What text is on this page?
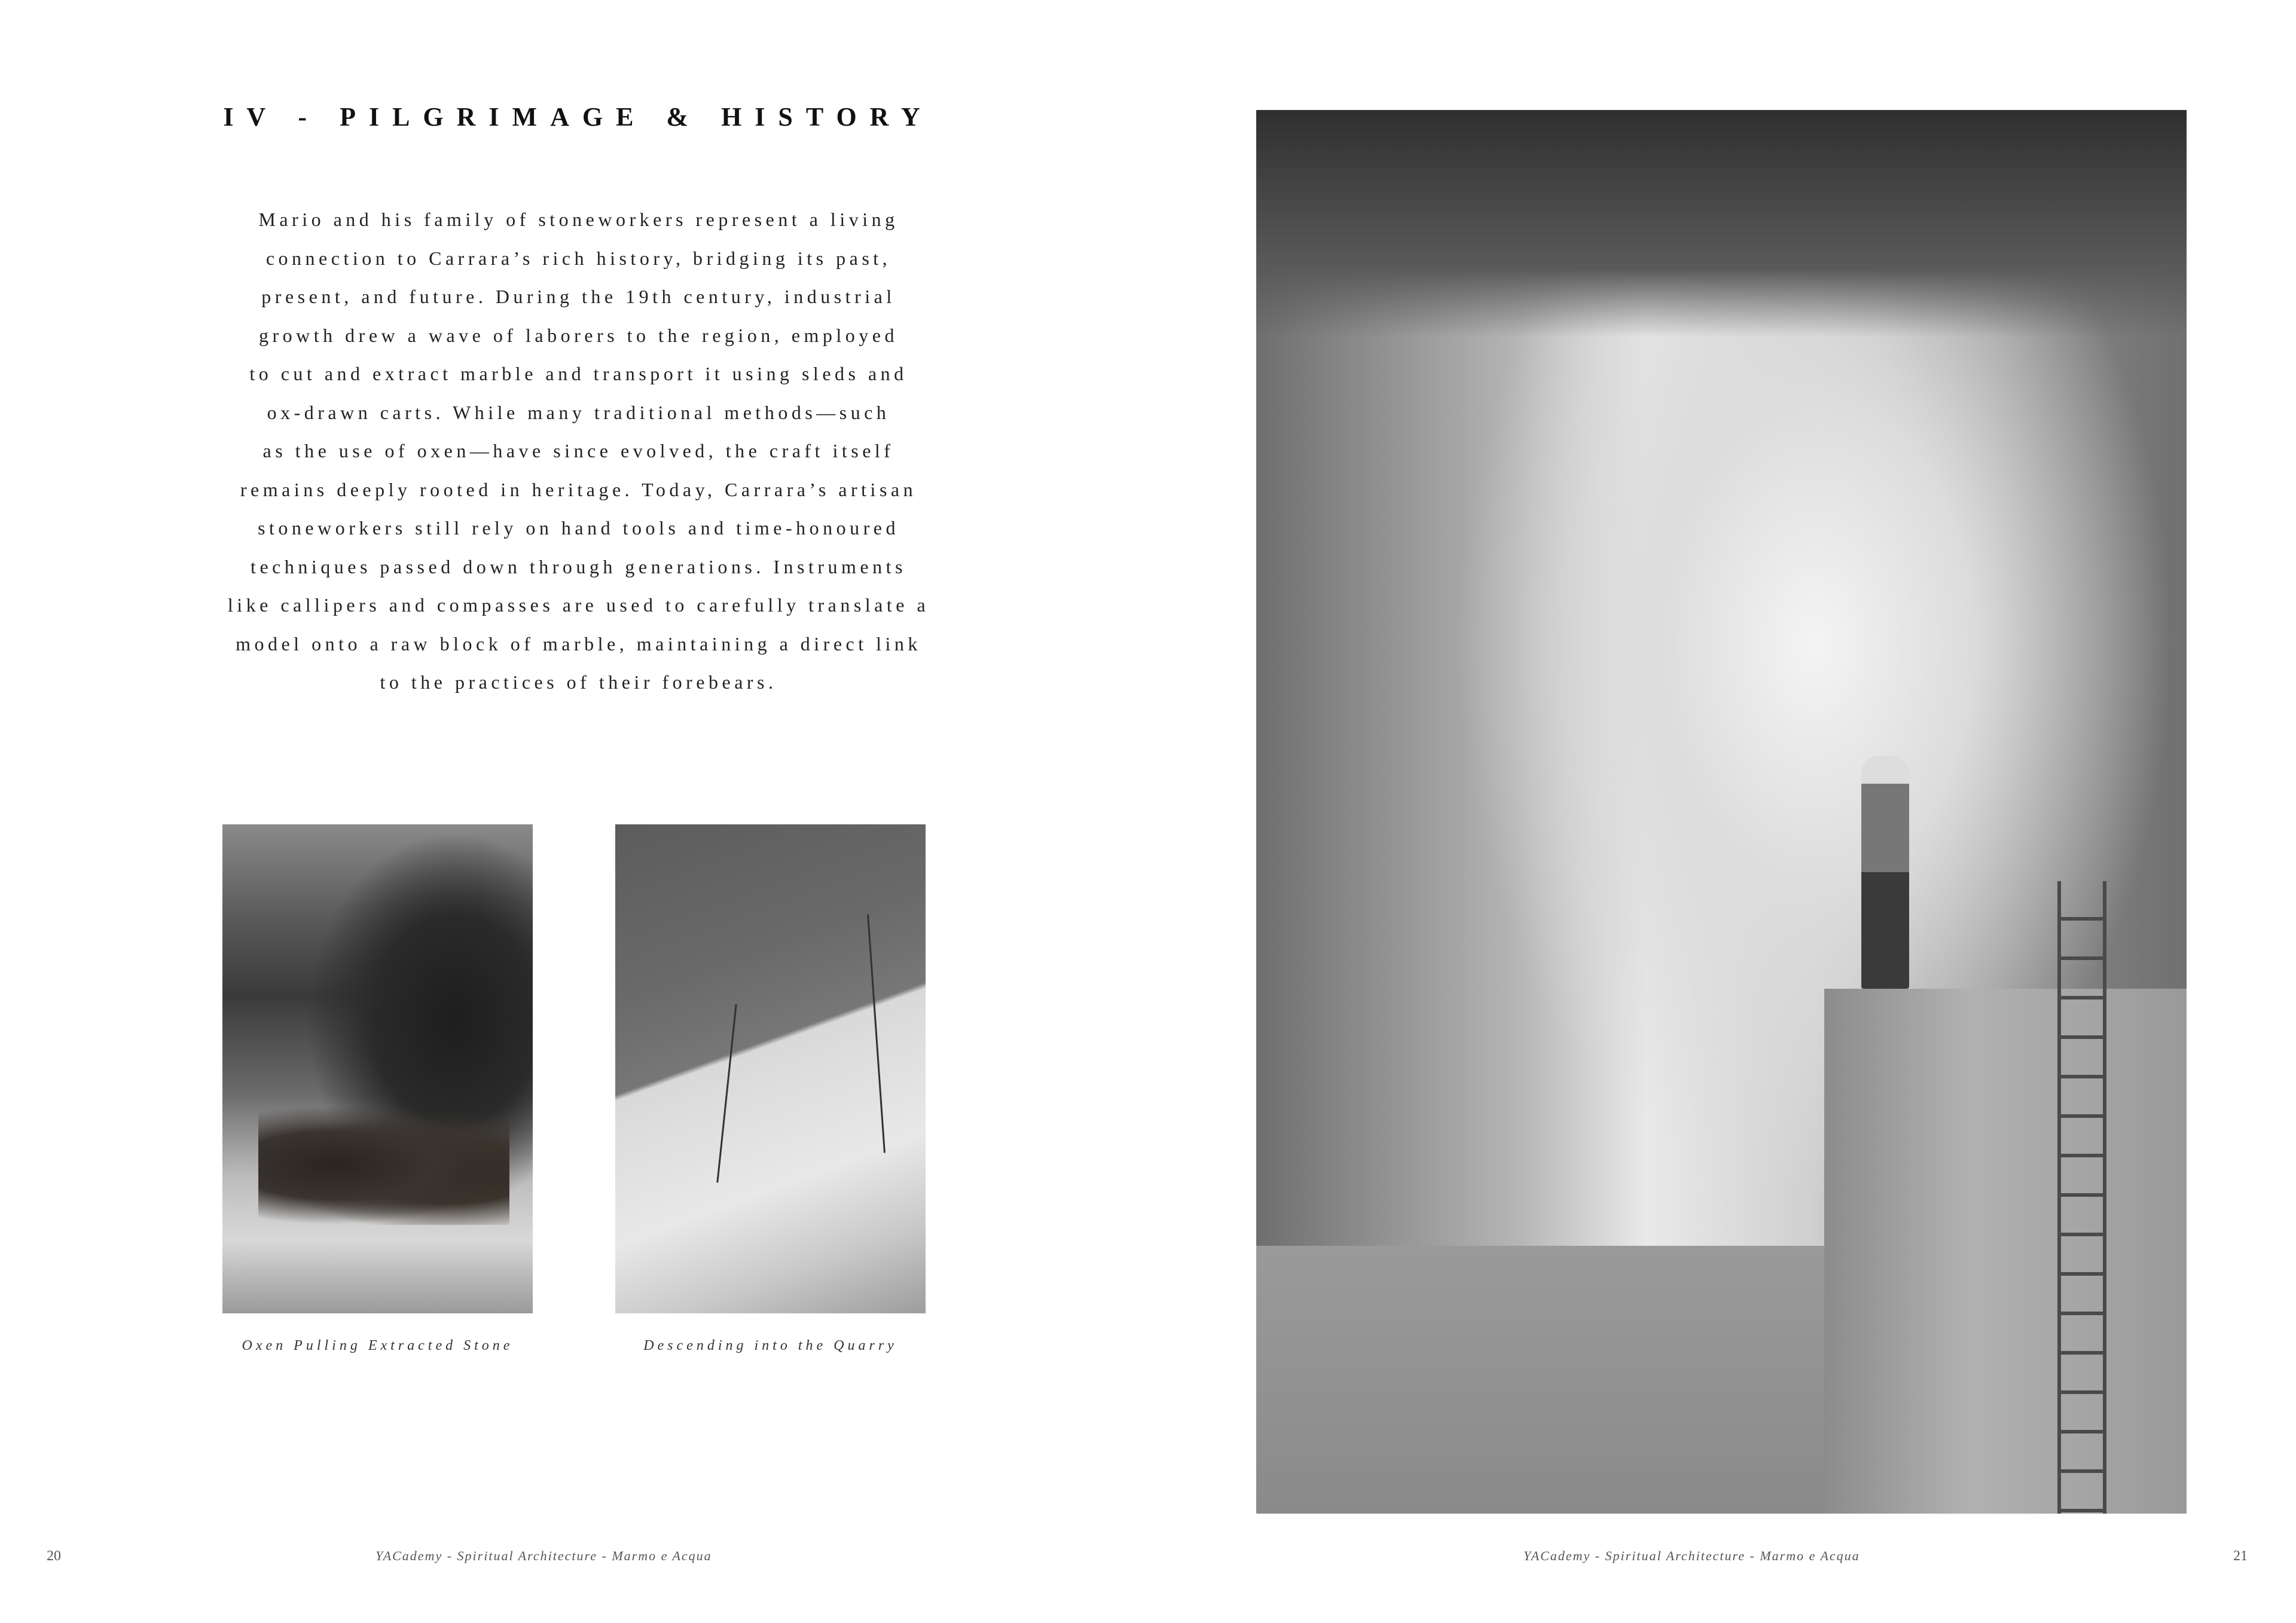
IV - PILGRIMAGE & HISTORY
Mario and his family of stoneworkers represent a living
connection to Carrara’s rich history, bridging its past,
present, and future. During the 19th century, industrial
growth drew a wave of laborers to the region, employed
to cut and extract marble and transport it using sleds and
ox-drawn carts. While many traditional methods—such
as the use of oxen—have since evolved, the craft itself
remains deeply rooted in heritage. Today, Carrara’s artisan
stoneworkers still rely on hand tools and time-honoured
techniques passed down through generations. Instruments
like callipers and compasses are used to carefully translate a
model onto a raw block of marble, maintaining a direct link
to the practices of their forebears.
Oxen Pulling Extracted Stone	Descending into the Quarry
20	YACademy - Spiritual Architecture - Marmo e Acqua	YACademy - Spiritual Architecture - Marmo e Acqua	21
